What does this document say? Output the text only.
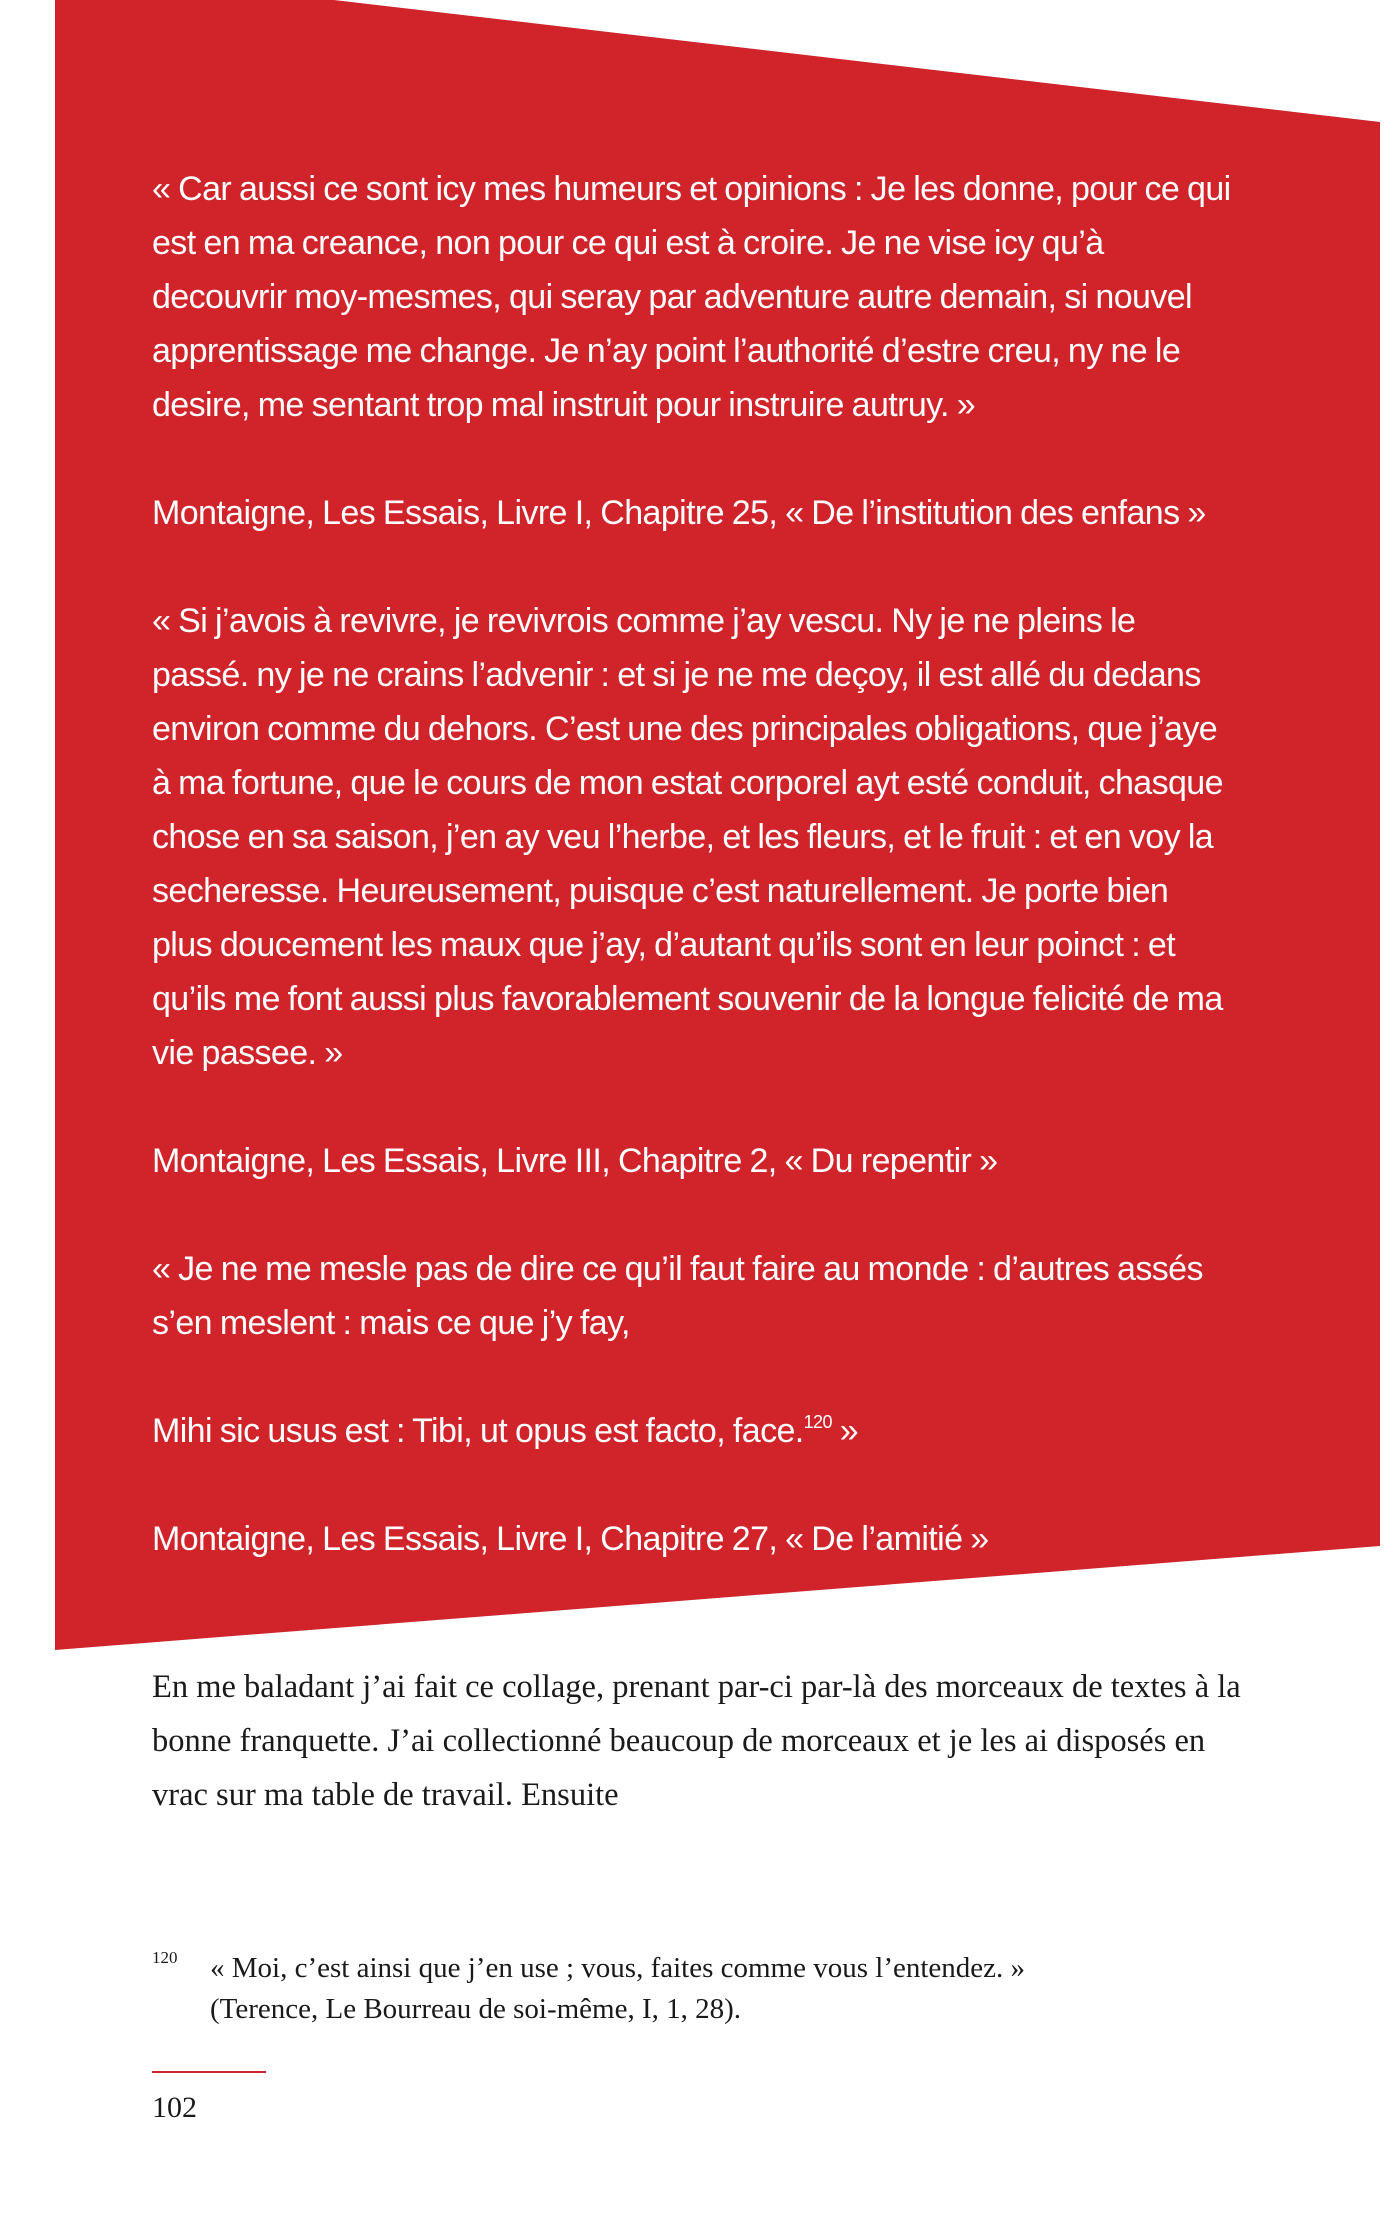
« Car aussi ce sont icy mes humeurs et opinions : Je les donne, pour ce qui est en ma creance, non pour ce qui est à croire. Je ne vise icy qu’à decouvrir moy-mesmes, qui seray par adventure autre demain, si nouvel apprentissage me change. Je n’ay point l’authorité d’estre creu, ny ne le desire, me sentant trop mal instruit pour instruire autruy. »

Montaigne, Les Essais, Livre I, Chapitre 25, « De l’institution des enfans »

« Si j’avois à revivre, je revivrois comme j’ay vescu. Ny je ne pleins le passé. ny je ne crains l’advenir : et si je ne me deçoy, il est allé du dedans environ comme du dehors. C’est une des principales obligations, que j’aye à ma fortune, que le cours de mon estat corporel ayt esté conduit, chasque chose en sa saison, j’en ay veu l’herbe, et les fleurs, et le fruit : et en voy la secheresse. Heureusement, puisque c’est naturellement. Je porte bien plus doucement les maux que j’ay, d’autant qu’ils sont en leur poinct : et qu’ils me font aussi plus favorablement souvenir de la longue felicité de ma vie passee. »

Montaigne, Les Essais, Livre III, Chapitre 2, « Du repentir »

« Je ne me mesle pas de dire ce qu’il faut faire au monde : d’autres assés s’en meslent : mais ce que j’y fay,

Mihi sic usus est : Tibi, ut opus est facto, face.$^{120}$ »

Montaigne, Les Essais, Livre I, Chapitre 27, « De l’amitié »

En me baladant j’ai fait ce collage, prenant par-ci par-là des morceaux de textes à la bonne franquette. J’ai collectionné beaucoup de morceaux et je les ai disposés en vrac sur ma table de travail. Ensuite

120 « Moi, c’est ainsi que j’en use ; vous, faites comme vous l’entendez. »

(Terence, Le Bourreau de soi-même, I, 1, 28).

102
